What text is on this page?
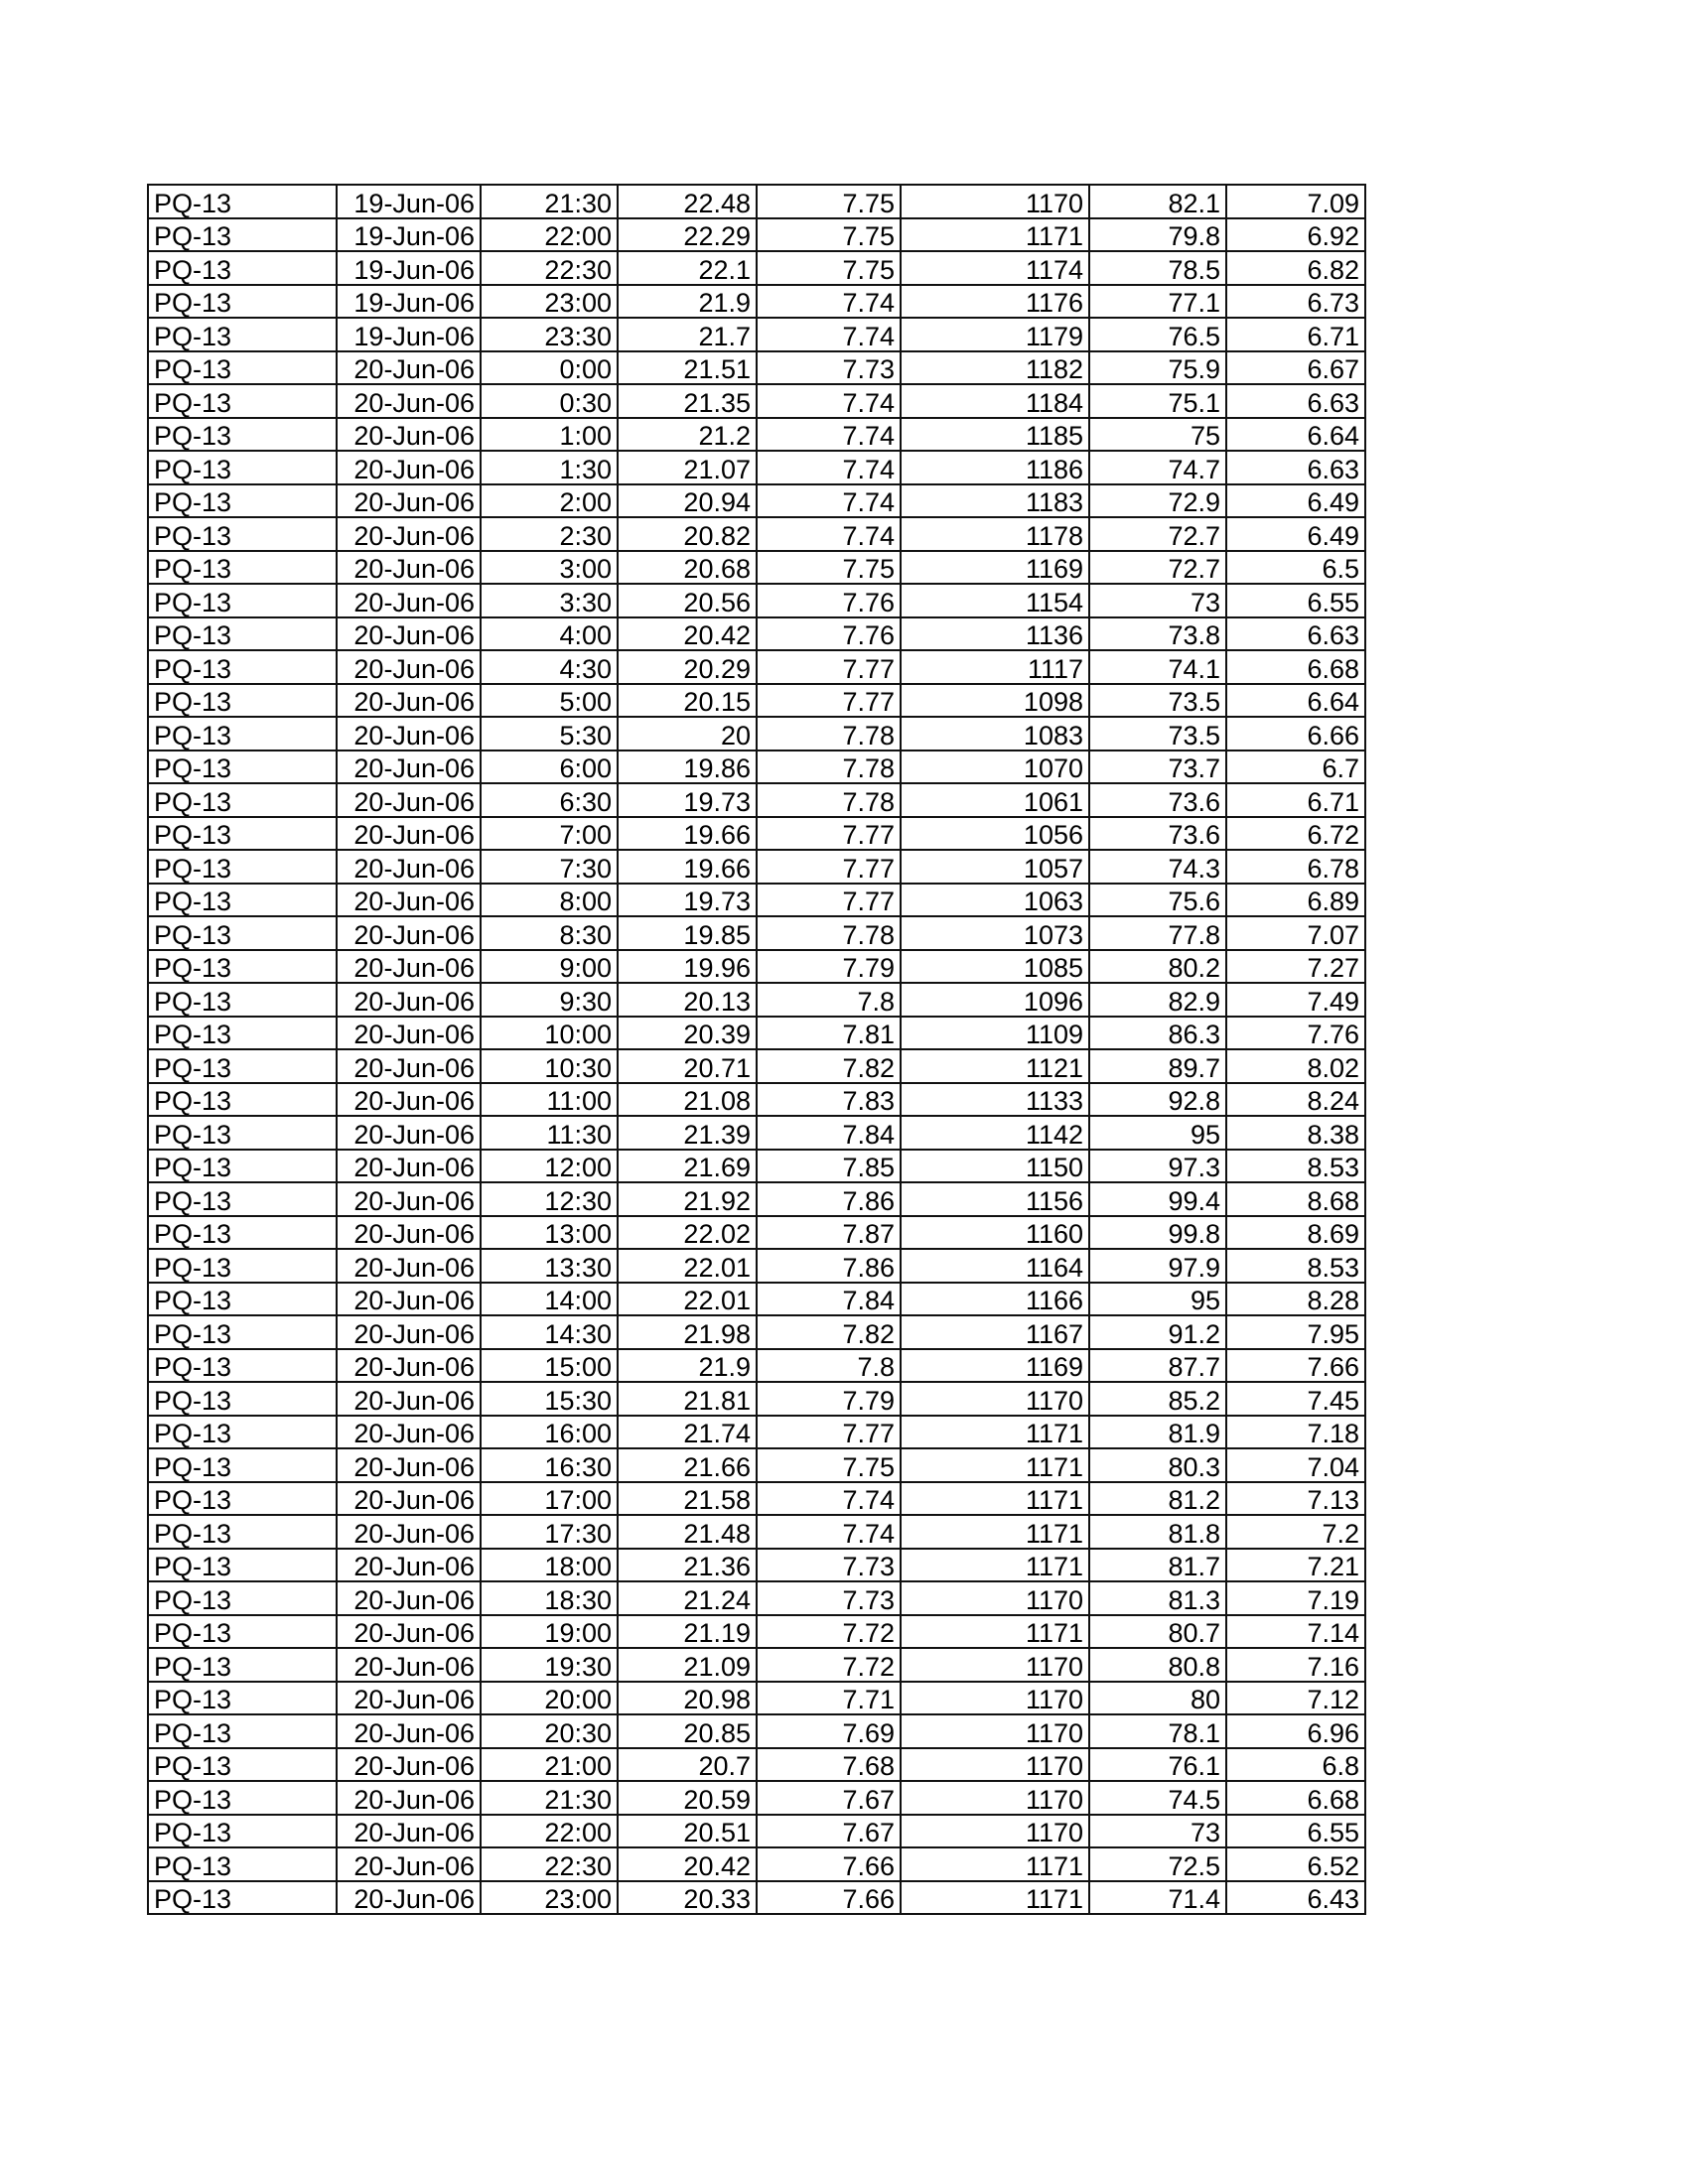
PQ-13	19-Jun-06	21:30	22.48	7.75	1170	82.1	7.09
PQ-13	19-Jun-06	22:00	22.29	7.75	1171	79.8	6.92
PQ-13	19-Jun-06	22:30	22.1	7.75	1174	78.5	6.82
PQ-13	19-Jun-06	23:00	21.9	7.74	1176	77.1	6.73
PQ-13	19-Jun-06	23:30	21.7	7.74	1179	76.5	6.71
PQ-13	20-Jun-06	0:00	21.51	7.73	1182	75.9	6.67
PQ-13	20-Jun-06	0:30	21.35	7.74	1184	75.1	6.63
PQ-13	20-Jun-06	1:00	21.2	7.74	1185	75	6.64
PQ-13	20-Jun-06	1:30	21.07	7.74	1186	74.7	6.63
PQ-13	20-Jun-06	2:00	20.94	7.74	1183	72.9	6.49
PQ-13	20-Jun-06	2:30	20.82	7.74	1178	72.7	6.49
PQ-13	20-Jun-06	3:00	20.68	7.75	1169	72.7	6.5
PQ-13	20-Jun-06	3:30	20.56	7.76	1154	73	6.55
PQ-13	20-Jun-06	4:00	20.42	7.76	1136	73.8	6.63
PQ-13	20-Jun-06	4:30	20.29	7.77	1117	74.1	6.68
PQ-13	20-Jun-06	5:00	20.15	7.77	1098	73.5	6.64
PQ-13	20-Jun-06	5:30	20	7.78	1083	73.5	6.66
PQ-13	20-Jun-06	6:00	19.86	7.78	1070	73.7	6.7
PQ-13	20-Jun-06	6:30	19.73	7.78	1061	73.6	6.71
PQ-13	20-Jun-06	7:00	19.66	7.77	1056	73.6	6.72
PQ-13	20-Jun-06	7:30	19.66	7.77	1057	74.3	6.78
PQ-13	20-Jun-06	8:00	19.73	7.77	1063	75.6	6.89
PQ-13	20-Jun-06	8:30	19.85	7.78	1073	77.8	7.07
PQ-13	20-Jun-06	9:00	19.96	7.79	1085	80.2	7.27
PQ-13	20-Jun-06	9:30	20.13	7.8	1096	82.9	7.49
PQ-13	20-Jun-06	10:00	20.39	7.81	1109	86.3	7.76
PQ-13	20-Jun-06	10:30	20.71	7.82	1121	89.7	8.02
PQ-13	20-Jun-06	11:00	21.08	7.83	1133	92.8	8.24
PQ-13	20-Jun-06	11:30	21.39	7.84	1142	95	8.38
PQ-13	20-Jun-06	12:00	21.69	7.85	1150	97.3	8.53
PQ-13	20-Jun-06	12:30	21.92	7.86	1156	99.4	8.68
PQ-13	20-Jun-06	13:00	22.02	7.87	1160	99.8	8.69
PQ-13	20-Jun-06	13:30	22.01	7.86	1164	97.9	8.53
PQ-13	20-Jun-06	14:00	22.01	7.84	1166	95	8.28
PQ-13	20-Jun-06	14:30	21.98	7.82	1167	91.2	7.95
PQ-13	20-Jun-06	15:00	21.9	7.8	1169	87.7	7.66
PQ-13	20-Jun-06	15:30	21.81	7.79	1170	85.2	7.45
PQ-13	20-Jun-06	16:00	21.74	7.77	1171	81.9	7.18
PQ-13	20-Jun-06	16:30	21.66	7.75	1171	80.3	7.04
PQ-13	20-Jun-06	17:00	21.58	7.74	1171	81.2	7.13
PQ-13	20-Jun-06	17:30	21.48	7.74	1171	81.8	7.2
PQ-13	20-Jun-06	18:00	21.36	7.73	1171	81.7	7.21
PQ-13	20-Jun-06	18:30	21.24	7.73	1170	81.3	7.19
PQ-13	20-Jun-06	19:00	21.19	7.72	1171	80.7	7.14
PQ-13	20-Jun-06	19:30	21.09	7.72	1170	80.8	7.16
PQ-13	20-Jun-06	20:00	20.98	7.71	1170	80	7.12
PQ-13	20-Jun-06	20:30	20.85	7.69	1170	78.1	6.96
PQ-13	20-Jun-06	21:00	20.7	7.68	1170	76.1	6.8
PQ-13	20-Jun-06	21:30	20.59	7.67	1170	74.5	6.68
PQ-13	20-Jun-06	22:00	20.51	7.67	1170	73	6.55
PQ-13	20-Jun-06	22:30	20.42	7.66	1171	72.5	6.52
PQ-13	20-Jun-06	23:00	20.33	7.66	1171	71.4	6.43
